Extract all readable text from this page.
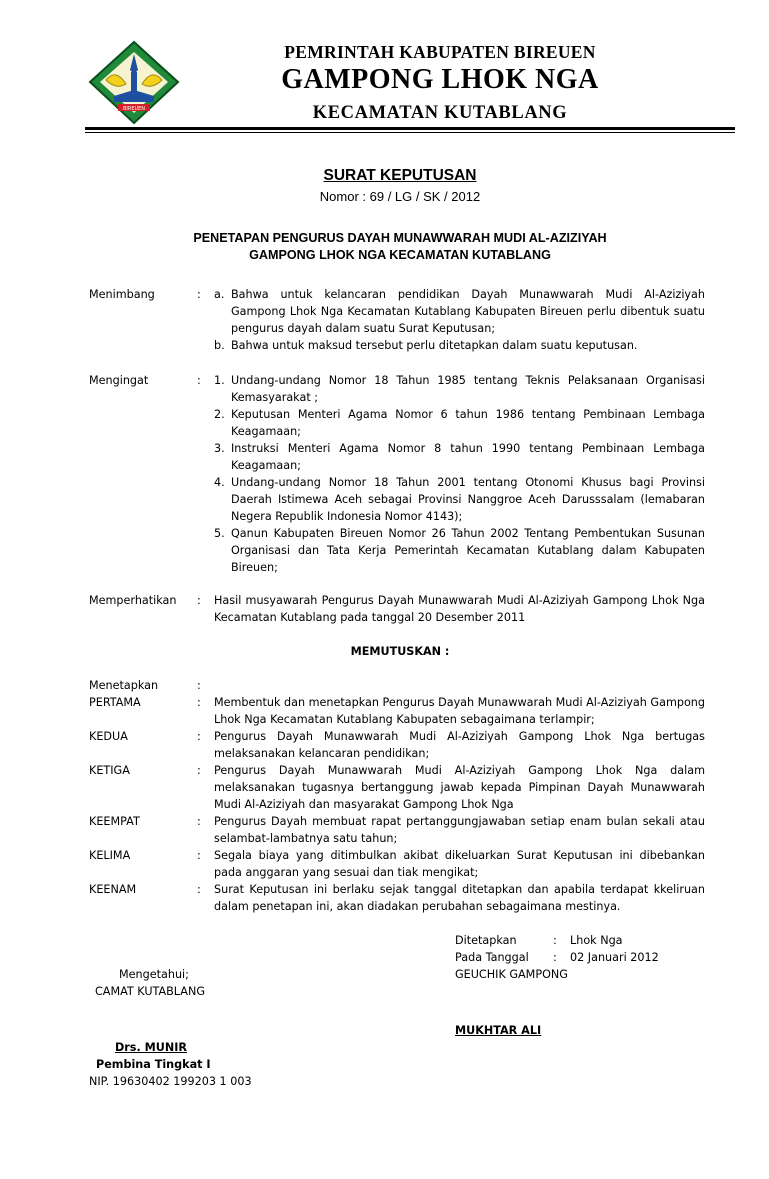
BIREUEN
PEMRINTAH KABUPATEN BIREUEN
GAMPONG LHOK NGA
KECAMATAN KUTABLANG
SURAT KEPUTUSAN
Nomor : 69 / LG / SK / 2012
PENETAPAN PENGURUS DAYAH MUNAWWARAH MUDI AL-AZIZIYAH
GAMPONG LHOK NGA KECAMATAN KUTABLANG
Menimbang	: a. Bahwa untuk kelancaran pendidikan Dayah Munawwarah Mudi Al-Aziziyah Gampong Lhok Nga Kecamatan Kutablang Kabupaten Bireuen perlu dibentuk suatu pengurus dayah dalam suatu Surat Keputusan;
b. Bahwa untuk maksud tersebut perlu ditetapkan dalam suatu keputusan.
Mengingat	: 1. Undang-undang Nomor 18 Tahun 1985 tentang Teknis Pelaksanaan Organisasi Kemasyarakat ;
2. Keputusan Menteri Agama Nomor 6 tahun 1986 tentang Pembinaan Lembaga Keagamaan;
3. Instruksi Menteri Agama Nomor 8 tahun 1990 tentang Pembinaan Lembaga Keagamaan;
4. Undang-undang Nomor 18 Tahun 2001 tentang Otonomi Khusus bagi Provinsi Daerah Istimewa Aceh sebagai Provinsi Nanggroe Aceh Darusssalam (lemabaran Negera Republik Indonesia Nomor 4143);
5. Qanun Kabupaten Bireuen Nomor 26 Tahun 2002 Tentang Pembentukan Susunan Organisasi dan Tata Kerja Pemerintah Kecamatan Kutablang dalam Kabupaten Bireuen;
Memperhatikan : Hasil musyawarah Pengurus Dayah Munawwarah Mudi Al-Aziziyah Gampong Lhok Nga Kecamatan Kutablang pada tanggal 20 Desember 2011
MEMUTUSKAN :
Menetapkan	:
PERTAMA	: Membentuk dan menetapkan Pengurus Dayah Munawwarah Mudi Al-Aziziyah Gampong Lhok Nga Kecamatan Kutablang Kabupaten sebagaimana terlampir;
KEDUA	: Pengurus Dayah Munawwarah Mudi Al-Aziziyah Gampong Lhok Nga bertugas melaksanakan kelancaran pendidikan;
KETIGA	: Pengurus Dayah Munawwarah Mudi Al-Aziziyah Gampong Lhok Nga dalam melaksanakan tugasnya bertanggung jawab kepada Pimpinan Dayah Munawwarah Mudi Al-Aziziyah dan masyarakat Gampong Lhok Nga
KEEMPAT	: Pengurus Dayah membuat rapat pertanggungjawaban setiap enam bulan sekali atau selambat-lambatnya satu tahun;
KELIMA	: Segala biaya yang ditimbulkan akibat dikeluarkan Surat Keputusan ini dibebankan pada anggaran yang sesuai dan tiak mengikat;
KEENAM	: Surat Keputusan ini berlaku sejak tanggal ditetapkan dan apabila terdapat kkeliruan dalam penetapan ini, akan diadakan perubahan sebagaimana mestinya.
Ditetapkan	: Lhok Nga
Pada Tanggal : 02 Januari 2012
GEUCHIK GAMPONG
MUKHTAR ALI
Mengetahui;
CAMAT KUTABLANG
Drs. MUNIR
Pembina Tingkat I
NIP. 19630402 199203 1 003
